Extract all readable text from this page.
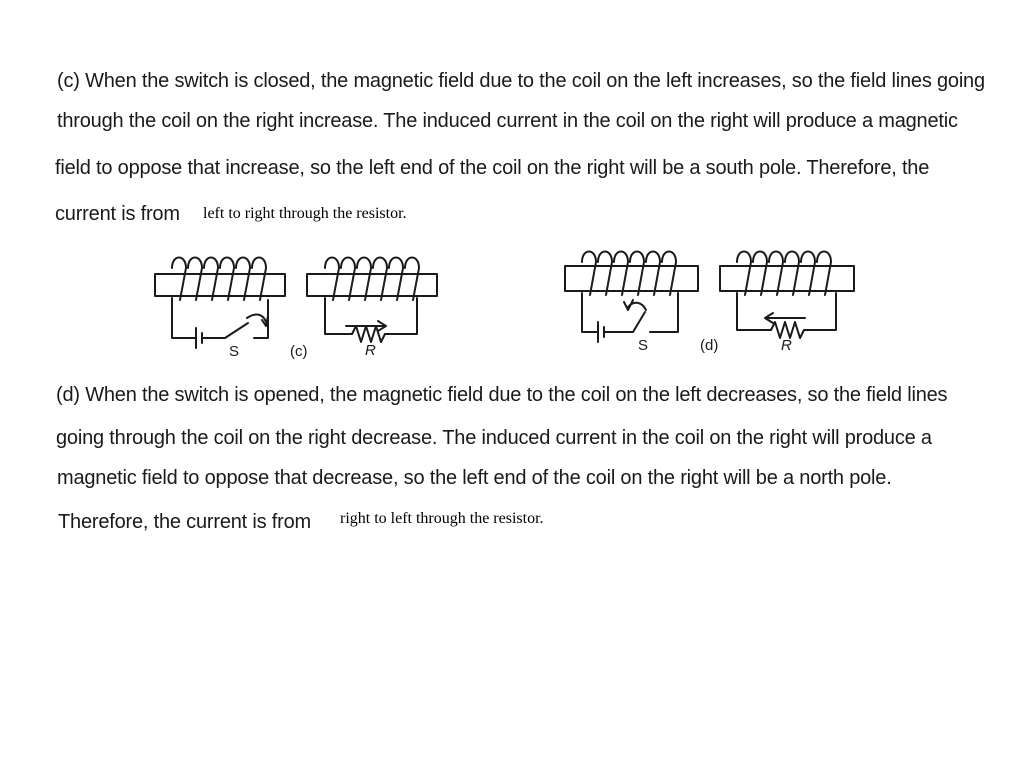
(c) When the switch is closed, the magnetic field due to the coil on the left increases, so the field lines going
through the coil on the right increase. The induced current in the coil on the right will produce a magnetic
field to oppose that increase, so the left end of the coil on the right will be a south pole. Therefore, the
current is from left to right through the resistor.
S	(c)	R	S	(d)	R
(d) When the switch is opened, the magnetic field due to the coil on the left decreases, so the field lines
going through the coil on the right decrease. The induced current in the coil on the right will produce a
magnetic field to oppose that decrease, so the left end of the coil on the right will be a north pole.
Therefore, the current is from right to left through the resistor.
